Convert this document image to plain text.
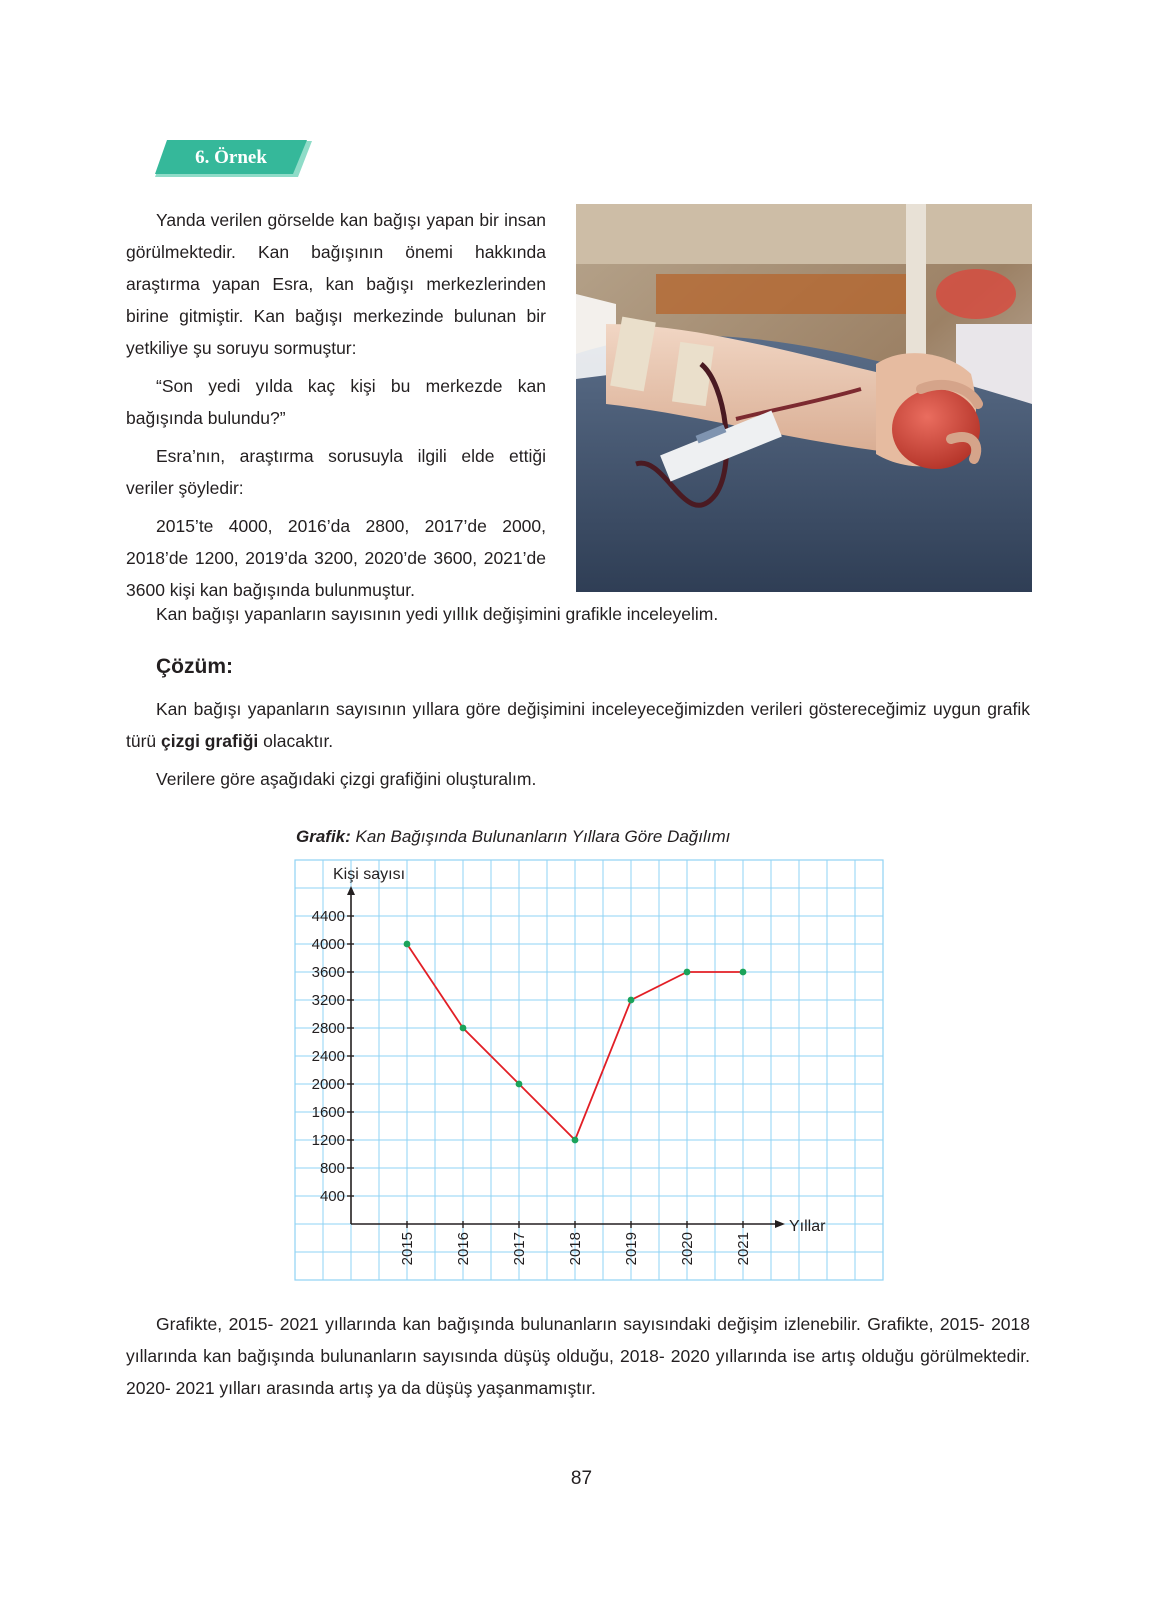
6. Örnek

Yanda verilen görselde kan bağışı yapan bir insan görülmektedir. Kan bağışının önemi hakkında araştırma yapan Esra, kan bağışı merkezlerinden birine gitmiştir. Kan bağışı merkezinde bulunan bir yetkiliye şu soruyu sormuştur:

“Son yedi yılda kaç kişi bu merkezde kan bağışında bulundu?”

Esra’nın, araştırma sorusuyla ilgili elde ettiği veriler şöyledir:

2015’te 4000, 2016’da 2800, 2017’de 2000, 2018’de 1200, 2019’da 3200, 2020’de 3600, 2021’de 3600 kişi kan bağışında bulunmuştur.

Kan bağışı yapanların sayısının yedi yıllık değişimini grafikle inceleyelim.

Çözüm:

Kan bağışı yapanların sayısının yıllara göre değişimini inceleyeceğimizden verileri göstereceğimiz uygun grafik türü çizgi grafiği olacaktır.

Verilere göre aşağıdaki çizgi grafiğini oluşturalım.

Grafik: Kan Bağışında Bulunanların Yıllara Göre Dağılımı
Kişi sayısı
Yıllar
400
800
1200
1600
2000
2400
2800
3200
3600
4000
4400
2015	2016	2017	2018	2019	2020	2021

Grafikte, 2015- 2021 yıllarında kan bağışında bulunanların sayısındaki değişim izlenebilir. Grafikte, 2015- 2018 yıllarında kan bağışında bulunanların sayısında düşüş olduğu, 2018- 2020 yıllarında ise artış olduğu görülmektedir. 2020- 2021 yılları arasında artış ya da düşüş yaşanmamıştır.

87
